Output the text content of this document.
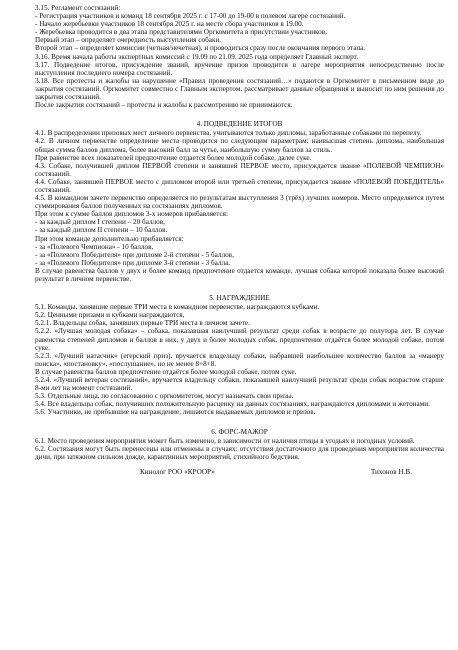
3.15. Регламент состязаний:

- Регистрация участников и команд 18 сентября 2025 г. с 17-00 до 19-00 в полевом лагере состязаний.

- Начало жеребьевки участников 18 сентября 2025 г. на месте сбора участников в 19.00.

- Жеребьевка проводится в два этапа представителями Оргкомитета в присутствии участников,

Первый этап – определяет очередность выступления собаки.

Второй этап – определяет комиссии (четная/нечетная), и проводиться сразу после окончания первого этапа.

3.16. Время начала работы экспертных комиссий с 19.09 по 21.09. 2025 года определяет Главный эксперт.

3.17. Подведение итогов, присуждение званий, вручение призов проводится в лагере мероприятия непосредственно после выступления последнего номера состязаний.

3.18. Все протесты и жалобы на нарушение «Правил проведения состязаний…» подаются в Оргкомитет в письменном виде до закрытия состязаний. Оргкомитет совместно с Главным экспертом, рассматривает данные обращения и выносит по ним решения до закрытия состязаний.

После закрытия состязаний – протесты и жалобы к рассмотрению не принимаются.

4. ПОДВЕДЕНИЕ ИТОГОВ

4.1. В распределении призовых мест личного первенства, учитываются только дипломы, заработанные собаками по перепелу.

4.2. В личном первенстве определение места проводится по следующим параметрам: наивысшая степень диплома, наибольшая общая сумма баллов диплома, более высокий балл за чутье, наибольшую сумму баллов за стиль.

При равенстве всех показателей предпочтение отдается более молодой собаке, далее суке.

4.3. Собаке, получившей диплом ПЕРВОЙ степени и занявшей ПЕРВОЕ место, присуждается звание «ПОЛЕВОЙ ЧЕМПИОН» состязаний.

4.4. Собаке, занявшей ПЕРВОЕ место с дипломом второй или третьей степени, присуждается звание «ПОЛЕВОЙ ПОБЕДИТЕЛЬ» состязаний.

4.5. В командном зачете первенство определяется по результатам выступления 3 (трёх) лучших номеров. Место определяется путем суммирования баллов полученных на состязаниях дипломов.

При этом к сумме баллов дипломов 3-х номеров прибавляется:

- за каждый диплом I степени – 20 баллов,

- за каждый диплом II степени – 10 баллов.

При этом команде дополнительно прибавляется:

- за «Полевого Чемпиона» - 10 баллов,

- за «Полевого Победителя» при дипломе 2-й степени - 5 баллов,

- за «Полевого Победителя» при дипломе 3-й степени - 3 балла.

В случае равенства баллов у двух и более команд предпочтение отдается команде, лучшая собака которой показала более высокий результат в личном первенстве.

5. НАГРАЖДЕНИЕ

5.1. Команды, занявшие первые ТРИ места в командном первенстве, награждаются кубками.

5.2. Ценными призами и кубками награждаются,

5.2.1. Владельцы собак, занявших первые ТРИ места в личном зачете.

5.2.2. «Лучшая молодая собака» – собака, показавшая наилучший результат среди собак в возрасте до полутора лет. В случае равенства степеней дипломов и баллов в них, у двух и более молодых собак, предпочтение отдаётся более молодой собаке, потом суке.

5.2.3. «Лучший натасчик» (егерский приз), вручается владельцу собаки, набравшей наибольшее количество баллов за «манеру поиска», «постановку», «послушание», но не менее 8+8+8.

В случае равенства баллов предпочтение отдаётся более молодой собаке, потом суке.

5.2.4. «Лучший ветеран состязаний», вручается владельцу собаки, показавшей наилучший результат среди собак возрастом старше 8-ми лет на момент состязаний.

5.3. Отдельные лица, по согласованию с оргкомитетом, могут назначать свои призы.

5.4. Все владельцы собак, получивших положительную расценку на данных состязаниях, награждаются дипломами и жетонами.

5.6. Участники, не прибывшие на награждение, лишаются выдаваемых дипломов и призов.

6. ФОРС-МАЖОР

6.1. Место проведения мероприятия может быть изменено, в зависимости от наличия птицы в угодьях и погодных условий.

6.2. Состязания могут быть перенесены или отменены в случаях: отсутствия достаточного для проведения мероприятия количества дичи, при затяжном сильном дожде, карантинных мероприятий, стихийного бедствия.

Кинолог РОО «КРООР»	Тихонов Н.В.
